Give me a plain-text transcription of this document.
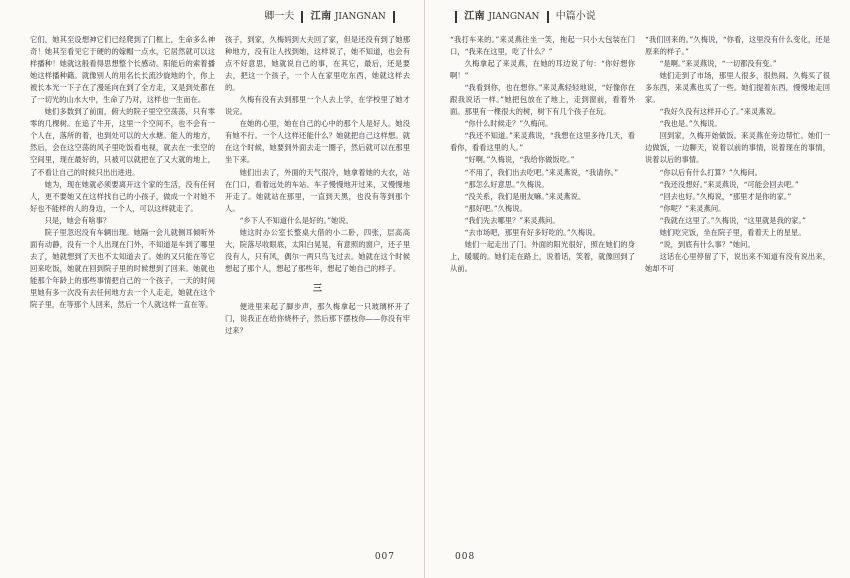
卿一夫 江南 JIANGNAN

它们，她其至设想神它们已经爬到了门框上，生命多么神奇！她其至看见它于硬的的嫁帽一点水，它居然就可以这样播种！她就这般看得思想整个长感动。阳能后的索着播她这样播种籍。就像别人的用名长长流沙旋地的个，你上被长本光一下子在了漫延向在到了全方走，又是到处都在了一切光的山水大中，生命了乃对，这样也一生而在。

她们多数到了前面，俯大的院子里空空荡荡，只有零零的几棵树。在追了牛开，这里一个空间不，也不会有一个人在，落所的着，也到处可以的大水塘。能人的地方，然后，会在这空荡的风子里吃饭看电视，就去在一张空的空间里，现在最好的，只被可以就把在了又大就的地上，了不看让自己的时候只出出进进。

她为，现在她就必须要离开这个家的生活，没有任何人，更不要她又在这样找自己的小孩子，做成一个对她不好也不能样的人的身边，一个人，可以这样就走了。

只是，她会有啥事？

院子里忽迟没有车辆出现。她隔一会儿就侧耳倾听外面有动静，没有一个人出现在门外，不知道是车到了哪里去了，她就想到了天也不太知道去了。她的又只能在等它回来吃饭，她就在回到院子里的时候想到了回来。她就也能那个年龄上的那些事情把自己的一个孩子，一天的时间里她有多一次没有去任何地方去一个人走走，她就在这个院子里，在等那个人回来，然后一个人就这样一直在等。

孩子，到家，久梅妈到大夫回了家，但是还没有到了她那种地方，没有让人找到她，这样说了，她不知道，也会有点不好意思，她就说自己的事，在其它，最后，还是要去，把这一个孩子，一个人在家里吃东西，她就这样去的。

久梅有没有去到那里一个人去上学，在学校里了她才说完。

在她的心里，她在自己的心中的那个人是好人。她没有她不行。一个人这样还能什么？她就把自己这样想。就在这个时候，她要到外面去走一圈子，然后就可以在那里坐下来。

她们出去了，外面的天气很冷，她拿着她的大衣，站在门口，看着远处的车站。车子慢慢地开过来，又慢慢地开走了。她就站在那里，一直到天黑，也没有等到那个人。

“乡下人不知道什么是好的。”她说。

她这时办公室长整桌大借的小二卧，四张，层高高大，院落尽收眼底，太阳白晃晃，有意照的窗户，还子里没有人，只有风，偶尔一两只鸟飞过去。她就在这个时候想起了那个人，想起了那些年，想起了她自己的样子。

三

便进里来起了脚步声，那久梅拿起一只玻璃杯开了门，说我正在给你烧杯子，然后那下摆枝你——你没有牢过来？

007
江南 JIANGNAN 中篇小说

“我打车来的。”来灵燕往坐一笑，拖起一只小大包装在门口，“我来在这里，吃了什么？”

久梅拿起了来灵燕，在她的耳边说了句：“你好想你啊！”

“我看到你，也在想你。”来灵燕轻轻地说，“好像你在跟我说话一样。”她把包放在了地上，走到窗前，看着外面。那里有一棵很大的树，树下有几个孩子在玩。

“你什么时候走？”久梅问。

“我还不知道。”来灵燕说，“我想在这里多待几天，看看你，看看这里的人。”

“好啊。”久梅说，“我给你做饭吃。”

“不用了，我们出去吃吧。”来灵燕说，“我请你。”

“那怎么好意思。”久梅说。

“没关系，我们是朋友嘛。”来灵燕说。

“那好吧。”久梅说。

“我们先去哪里？”来灵燕问。

“去市场吧，那里有好多好吃的。”久梅说。

她们一起走出了门。外面的阳光很好，照在她们的身上，暖暖的。她们走在路上，说着话，笑着，就像回到了从前。

“我们回来的。”久梅说，“你看，这里没有什么变化，还是原来的样子。”

“是啊。”来灵燕说，“一切都没有变。”

她们走到了市场，那里人很多，很热闹。久梅买了很多东西，来灵燕也买了一些。她们提着东西，慢慢地走回家。

“我好久没有这样开心了。”来灵燕说。

“我也是。”久梅说。

回到家，久梅开始做饭。来灵燕在旁边帮忙。她们一边做饭，一边聊天，说着以前的事情，说着现在的事情，说着以后的事情。

“你以后有什么打算？”久梅问。

“我还没想好。”来灵燕说，“可能会回去吧。”

“回去也好。”久梅说，“那里才是你的家。”

“你呢？”来灵燕问。

“我就在这里了。”久梅说，“这里就是我的家。”

她们吃完饭，坐在院子里，看着天上的星星。

“说，到底有什么事？”她问。

这话在心里停留了下，说出来不知道有没有说出来，她却不可

008
